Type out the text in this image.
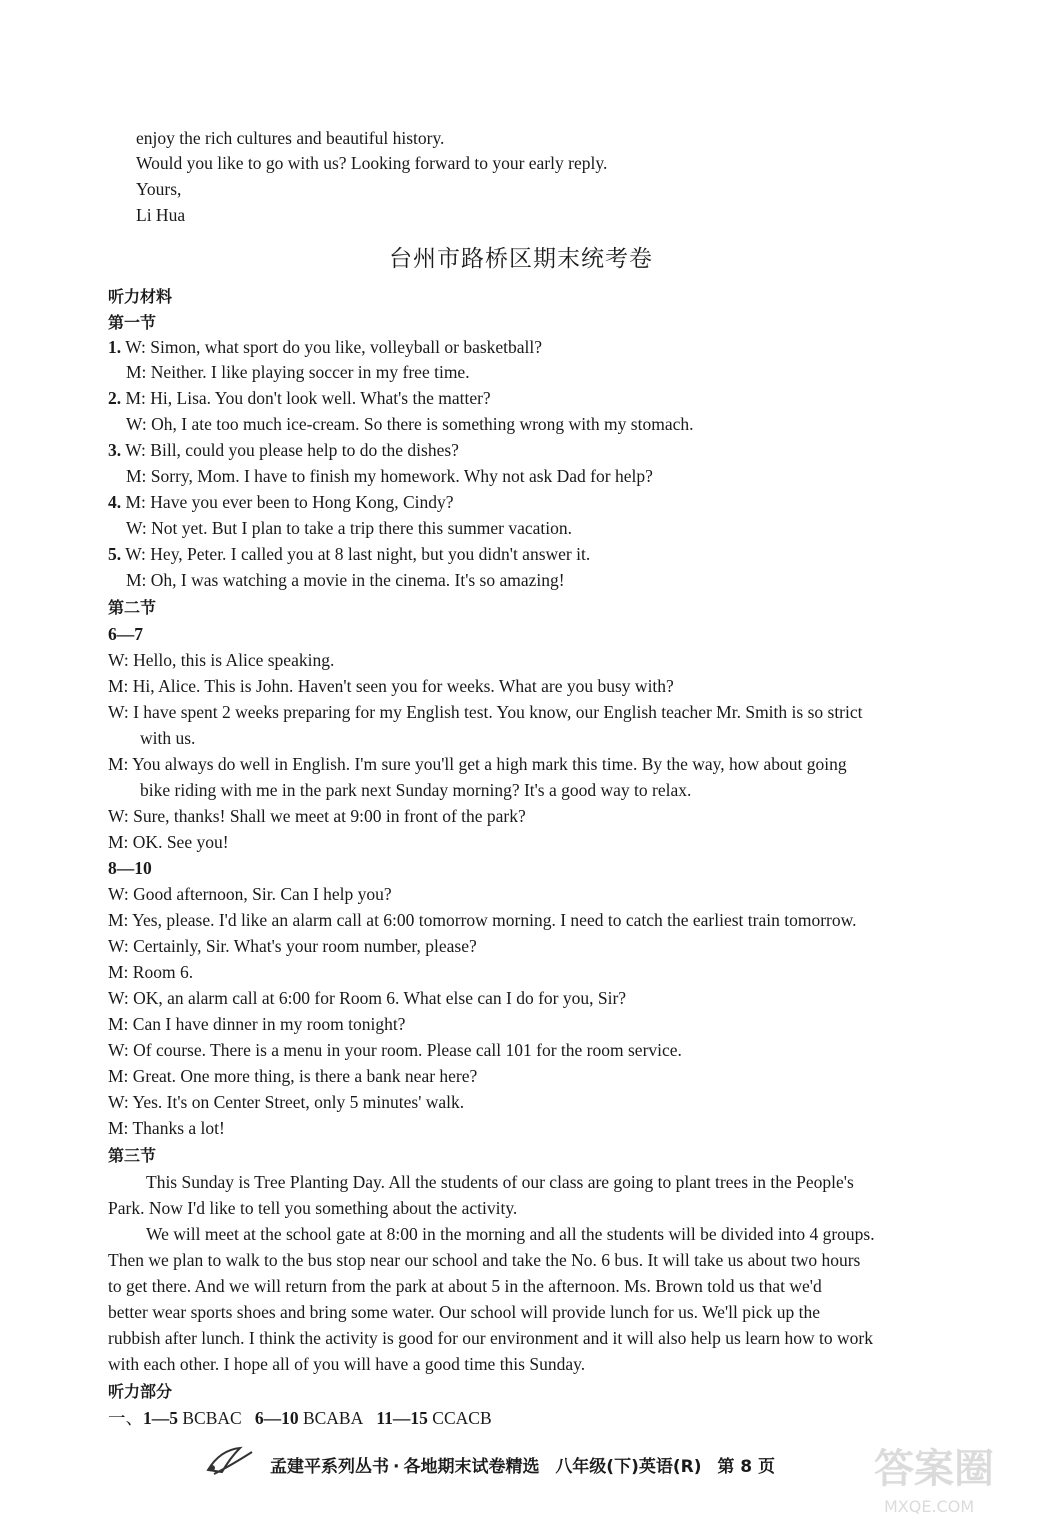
enjoy the rich cultures and beautiful history.
Would you like to go with us? Looking forward to your early reply.
Yours,
Li Hua
台州市路桥区期末统考卷
听力材料
第一节
1. W: Simon, what sport do you like, volleyball or basketball?
M: Neither. I like playing soccer in my free time.
2. M: Hi, Lisa. You don't look well. What's the matter?
W: Oh, I ate too much ice-cream. So there is something wrong with my stomach.
3. W: Bill, could you please help to do the dishes?
M: Sorry, Mom. I have to finish my homework. Why not ask Dad for help?
4. M: Have you ever been to Hong Kong, Cindy?
W: Not yet. But I plan to take a trip there this summer vacation.
5. W: Hey, Peter. I called you at 8 last night, but you didn't answer it.
M: Oh, I was watching a movie in the cinema. It's so amazing!
第二节
6—7
W: Hello, this is Alice speaking.
M: Hi, Alice. This is John. Haven't seen you for weeks. What are you busy with?
W: I have spent 2 weeks preparing for my English test. You know, our English teacher Mr. Smith is so strict
with us.
M: You always do well in English. I'm sure you'll get a high mark this time. By the way, how about going
bike riding with me in the park next Sunday morning? It's a good way to relax.
W: Sure, thanks! Shall we meet at 9:00 in front of the park?
M: OK. See you!
8—10
W: Good afternoon, Sir. Can I help you?
M: Yes, please. I'd like an alarm call at 6:00 tomorrow morning. I need to catch the earliest train tomorrow.
W: Certainly, Sir. What's your room number, please?
M: Room 6.
W: OK, an alarm call at 6:00 for Room 6. What else can I do for you, Sir?
M: Can I have dinner in my room tonight?
W: Of course. There is a menu in your room. Please call 101 for the room service.
M: Great. One more thing, is there a bank near here?
W: Yes. It's on Center Street, only 5 minutes' walk.
M: Thanks a lot!
第三节
This Sunday is Tree Planting Day. All the students of our class are going to plant trees in the People's
Park. Now I'd like to tell you something about the activity.
We will meet at the school gate at 8:00 in the morning and all the students will be divided into 4 groups.
Then we plan to walk to the bus stop near our school and take the No. 6 bus. It will take us about two hours
to get there. And we will return from the park at about 5 in the afternoon. Ms. Brown told us that we'd
better wear sports shoes and bring some water. Our school will provide lunch for us. We'll pick up the
rubbish after lunch. I think the activity is good for our environment and it will also help us learn how to work
with each other. I hope all of you will have a good time this Sunday.
听力部分
一、1—5 BCBAC 6—10 BCABA 11—15 CCACB
孟建平系列丛书 · 各地期末试卷精选 八年级(下)英语(R) 第 8 页 答案圈
MXQE.COM
